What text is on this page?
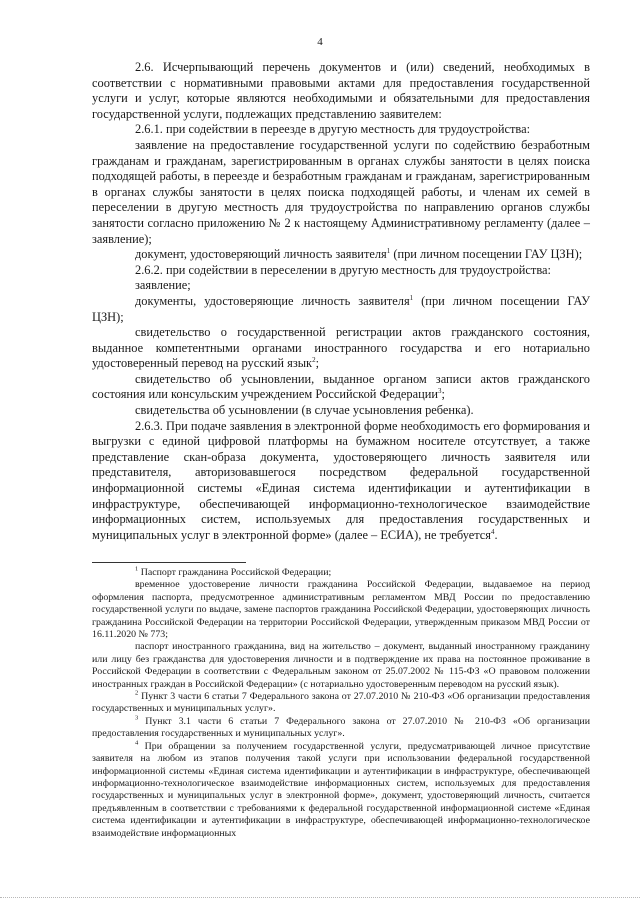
4

2.6. Исчерпывающий перечень документов и (или) сведений, необходимых в соответствии с нормативными правовыми актами для предоставления государственной услуги и услуг, которые являются необходимыми и обязательными для предоставления государственной услуги, подлежащих представлению заявителем:

2.6.1. при содействии в переезде в другую местность для трудоустройства:

заявление на предоставление государственной услуги по содействию безработным гражданам и гражданам, зарегистрированным в органах службы занятости в целях поиска подходящей работы, в переезде и безработным гражданам и гражданам, зарегистрированным в органах службы занятости в целях поиска подходящей работы, и членам их семей в переселении в другую местность для трудоустройства по направлению органов службы занятости согласно приложению № 2 к настоящему Административному регламенту (далее – заявление);

документ, удостоверяющий личность заявителя$^1$ (при личном посещении ГАУ ЦЗН);

2.6.2. при содействии в переселении в другую местность для трудоустройства:

заявление;

документы, удостоверяющие личность заявителя$^1$ (при личном посещении ГАУ ЦЗН);

свидетельство о государственной регистрации актов гражданского состояния, выданное компетентными органами иностранного государства и его нотариально удостоверенный перевод на русский язык$^2$;

свидетельство об усыновлении, выданное органом записи актов гражданского состояния или консульским учреждением Российской Федерации$^3$;

свидетельства об усыновлении (в случае усыновления ребенка).

2.6.3. При подаче заявления в электронной форме необходимость его формирования и выгрузки с единой цифровой платформы на бумажном носителе отсутствует, а также представление скан-образа документа, удостоверяющего личность заявителя или представителя, авторизовавшегося посредством федеральной государственной информационной системы «Единая система идентификации и аутентификации в инфраструктуре, обеспечивающей информационно-технологическое взаимодействие информационных систем, используемых для предоставления государственных и муниципальных услуг в электронной форме» (далее – ЕСИА), не требуется$^4$.

$^1$ Паспорт гражданина Российской Федерации;

временное удостоверение личности гражданина Российской Федерации, выдаваемое на период оформления паспорта, предусмотренное административным регламентом МВД России по предоставлению государственной услуги по выдаче, замене паспортов гражданина Российской Федерации, удостоверяющих личность гражданина Российской Федерации на территории Российской Федерации, утвержденным приказом МВД России от 16.11.2020 № 773;

паспорт иностранного гражданина, вид на жительство – документ, выданный иностранному гражданину или лицу без гражданства для удостоверения личности и в подтверждение их права на постоянное проживание в Российской Федерации в соответствии с Федеральным законом от 25.07.2002 № 115-ФЗ «О правовом положении иностранных граждан в Российской Федерации» (с нотариально удостоверенным переводом на русский язык).

$^2$ Пункт 3 части 6 статьи 7 Федерального закона от 27.07.2010 № 210-ФЗ «Об организации предоставления государственных и муниципальных услуг».

$^3$ Пункт 3.1 части 6 статьи 7 Федерального закона от 27.07.2010 № 210-ФЗ «Об организации предоставления государственных и муниципальных услуг».

$^4$ При обращении за получением государственной услуги, предусматривающей личное присутствие заявителя на любом из этапов получения такой услуги при использовании федеральной государственной информационной системы «Единая система идентификации и аутентификации в инфраструктуре, обеспечивающей информационно-технологическое взаимодействие информационных систем, используемых для предоставления государственных и муниципальных услуг в электронной форме», документ, удостоверяющий личность, считается предъявленным в соответствии с требованиями к федеральной государственной информационной системе «Единая система идентификации и аутентификации в инфраструктуре, обеспечивающей информационно-технологическое взаимодействие информационных
